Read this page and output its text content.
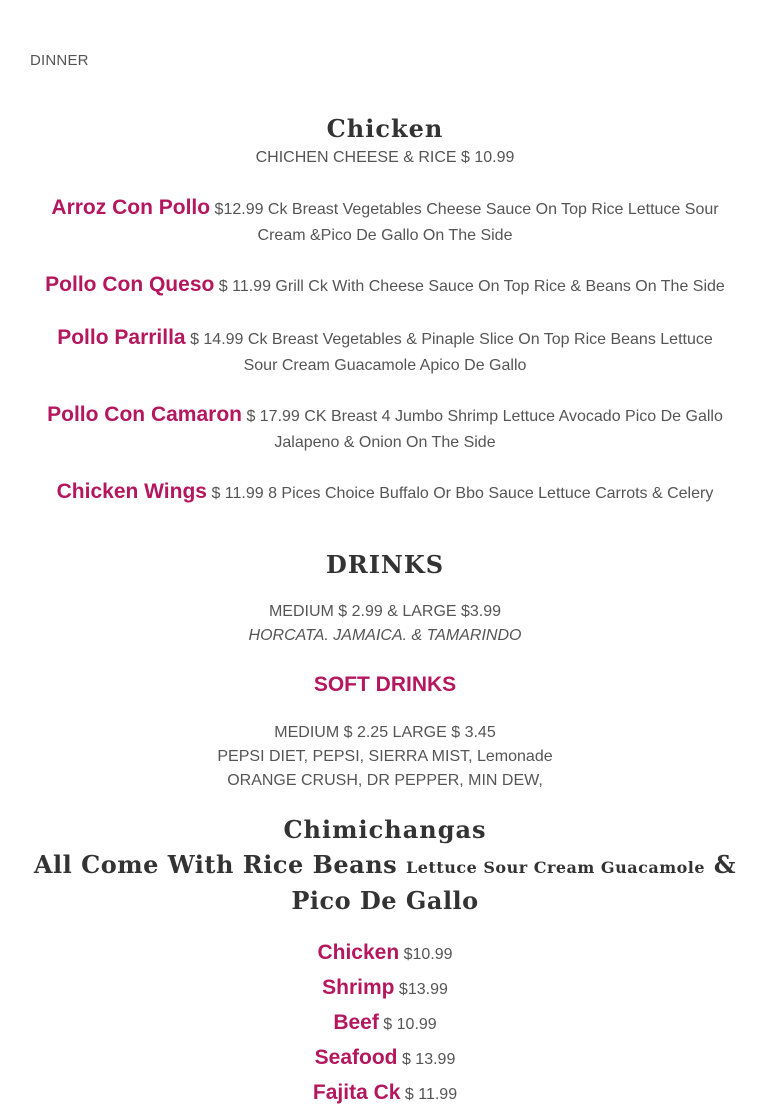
DINNER
Chicken
CHICHEN CHEESE & RICE $ 10.99
Arroz Con Pollo $12.99 Ck Breast Vegetables Cheese Sauce On Top Rice Lettuce Sour Cream &Pico De Gallo On The Side
Pollo Con Queso $ 11.99 Grill Ck With Cheese Sauce On Top Rice & Beans On The Side
Pollo Parrilla $ 14.99 Ck Breast Vegetables & Pinaple Slice On Top Rice Beans Lettuce Sour Cream Guacamole Apico De Gallo
Pollo Con Camaron $ 17.99 CK Breast 4 Jumbo Shrimp Lettuce Avocado Pico De Gallo Jalapeno & Onion On The Side
Chicken Wings $ 11.99 8 Pices Choice Buffalo Or Bbo Sauce Lettuce Carrots & Celery
DRINKS
MEDIUM $ 2.99 & LARGE $3.99
HORCATA. JAMAICA. & TAMARINDO
SOFT DRINKS
MEDIUM $ 2.25 LARGE $ 3.45
PEPSI DIET, PEPSI, SIERRA MIST, Lemonade
ORANGE CRUSH, DR PEPPER, MIN DEW,
Chimichangas
All Come With Rice Beans Lettuce Sour Cream Guacamole & Pico De Gallo
Chicken $10.99
Shrimp $13.99
Beef $ 10.99
Seafood $ 13.99
Fajita Ck $ 11.99
